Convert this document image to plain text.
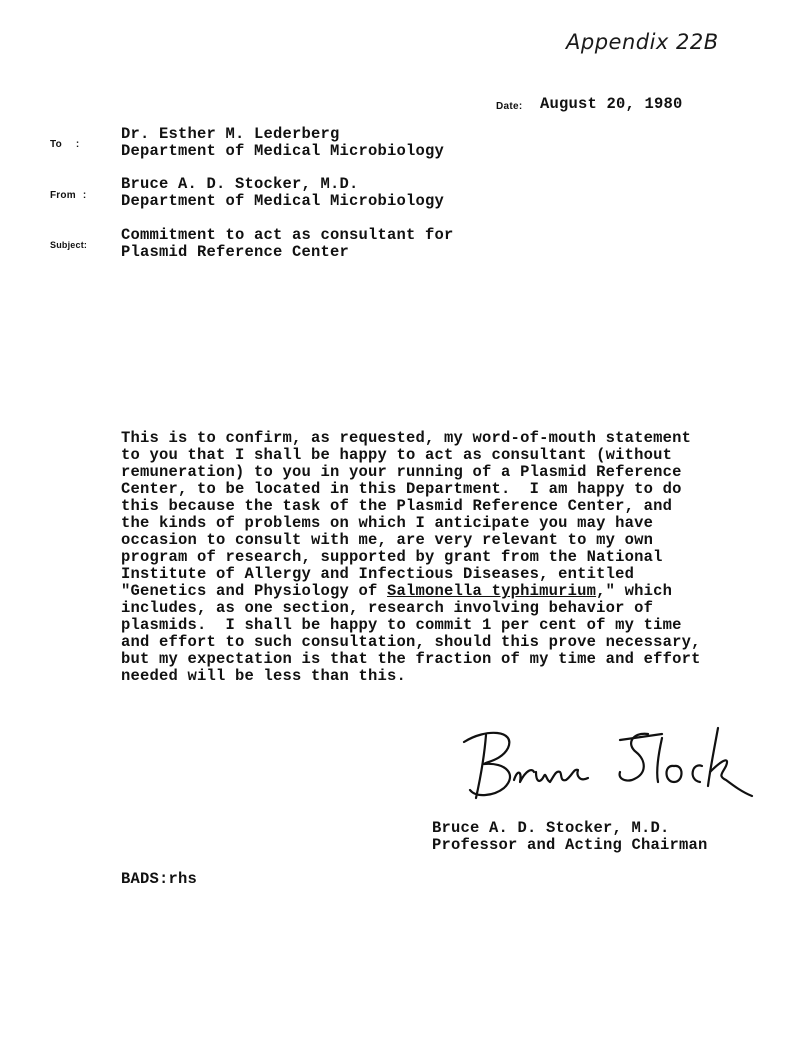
Appendix 22B
Date: August 20, 1980
To :
Dr. Esther M. Lederberg
Department of Medical Microbiology
From :
Bruce A. D. Stocker, M.D.
Department of Medical Microbiology
Subject:
Commitment to act as consultant for
Plasmid Reference Center
This is to confirm, as requested, my word-of-mouth statement
to you that I shall be happy to act as consultant (without
remuneration) to you in your running of a Plasmid Reference
Center, to be located in this Department.  I am happy to do
this because the task of the Plasmid Reference Center, and
the kinds of problems on which I anticipate you may have
occasion to consult with me, are very relevant to my own
program of research, supported by grant from the National
Institute of Allergy and Infectious Diseases, entitled
"Genetics and Physiology of Salmonella typhimurium," which
includes, as one section, research involving behavior of
plasmids.  I shall be happy to commit 1 per cent of my time
and effort to such consultation, should this prove necessary,
but my expectation is that the fraction of my time and effort
needed will be less than this.
Bruce A. D. Stocker, M.D.
Professor and Acting Chairman
BADS:rhs
